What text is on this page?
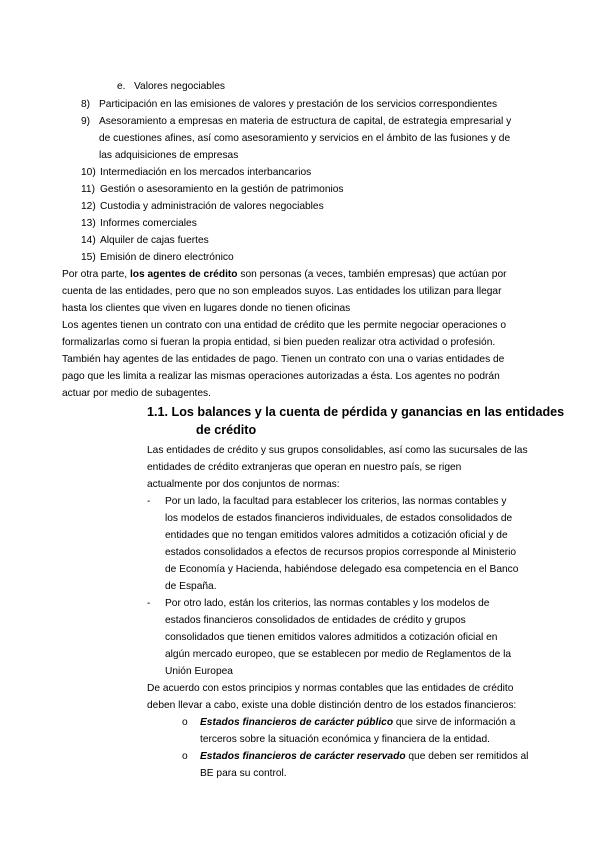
e. Valores negociables
8) Participación en las emisiones de valores y prestación de los servicios correspondientes
9) Asesoramiento a empresas en materia de estructura de capital, de estrategia empresarial y
de cuestiones afines, así como asesoramiento y servicios en el ámbito de las fusiones y de
las adquisiciones de empresas
10) Intermediación en los mercados interbancarios
11) Gestión o asesoramiento en la gestión de patrimonios
12) Custodia y administración de valores negociables
13) Informes comerciales
14) Alquiler de cajas fuertes
15) Emisión de dinero electrónico
Por otra parte, los agentes de crédito son personas (a veces, también empresas) que actúan por
cuenta de las entidades, pero que no son empleados suyos. Las entidades los utilizan para llegar
hasta los clientes que viven en lugares donde no tienen oficinas
Los agentes tienen un contrato con una entidad de crédito que les permite negociar operaciones o
formalizarlas como si fueran la propia entidad, si bien pueden realizar otra actividad o profesión.
También hay agentes de las entidades de pago. Tienen un contrato con una o varias entidades de
pago que les limita a realizar las mismas operaciones autorizadas a ésta. Los agentes no podrán
actuar por medio de subagentes.
1.1. Los balances y la cuenta de pérdida y ganancias en las entidades
de crédito
Las entidades de crédito y sus grupos consolidables, así como las sucursales de las
entidades de crédito extranjeras que operan en nuestro país, se rigen
actualmente por dos conjuntos de normas:
- Por un lado, la facultad para establecer los criterios, las normas contables y
los modelos de estados financieros individuales, de estados consolidados de
entidades que no tengan emitidos valores admitidos a cotización oficial y de
estados consolidados a efectos de recursos propios corresponde al Ministerio
de Economía y Hacienda, habiéndose delegado esa competencia en el Banco
de España.
- Por otro lado, están los criterios, las normas contables y los modelos de
estados financieros consolidados de entidades de crédito y grupos
consolidados que tienen emitidos valores admitidos a cotización oficial en
algún mercado europeo, que se establecen por medio de Reglamentos de la
Unión Europea
De acuerdo con estos principios y normas contables que las entidades de crédito
deben llevar a cabo, existe una doble distinción dentro de los estados financieros:
o Estados financieros de carácter público que sirve de información a
terceros sobre la situación económica y financiera de la entidad.
o Estados financieros de carácter reservado que deben ser remitidos al
BE para su control.
